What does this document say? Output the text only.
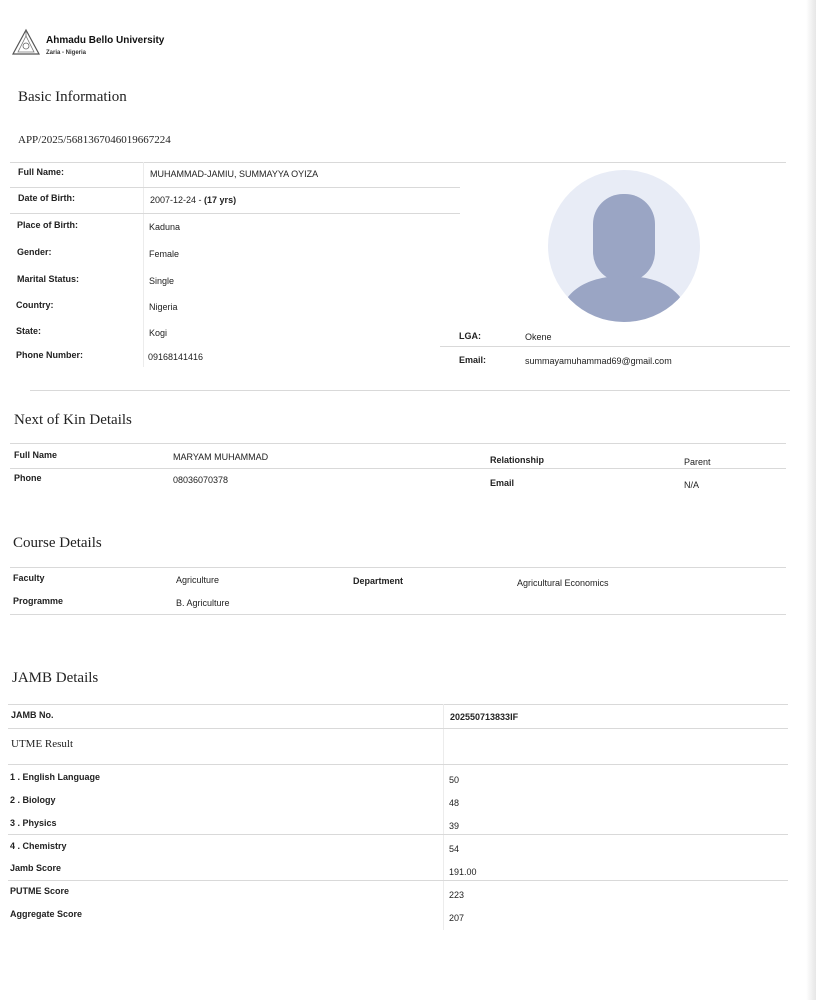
Ahmadu Bello University
Zaria - Nigeria
Basic Information
APP/2025/5681367046019667224
Full Name:	MUHAMMAD-JAMIU, SUMMAYYA OYIZA
Date of Birth:	2007-12-24 - (17 yrs)
Place of Birth:	Kaduna
Gender:	Female
Marital Status:	Single
Country:	Nigeria
State:	Kogi	LGA:	Okene
Phone Number:	09168141416	Email:	summayamuhammad69@gmail.com
Next of Kin Details
Full Name	MARYAM MUHAMMAD	Relationship	Parent
Phone	08036070378	Email	N/A
Course Details
Faculty	Agriculture	Department	Agricultural Economics
Programme	B. Agriculture
JAMB Details
JAMB No.	202550713833IF
UTME Result
1 . English Language	50
2 . Biology	48
3 . Physics	39
4 . Chemistry	54
Jamb Score	191.00
PUTME Score	223
Aggregate Score	207
